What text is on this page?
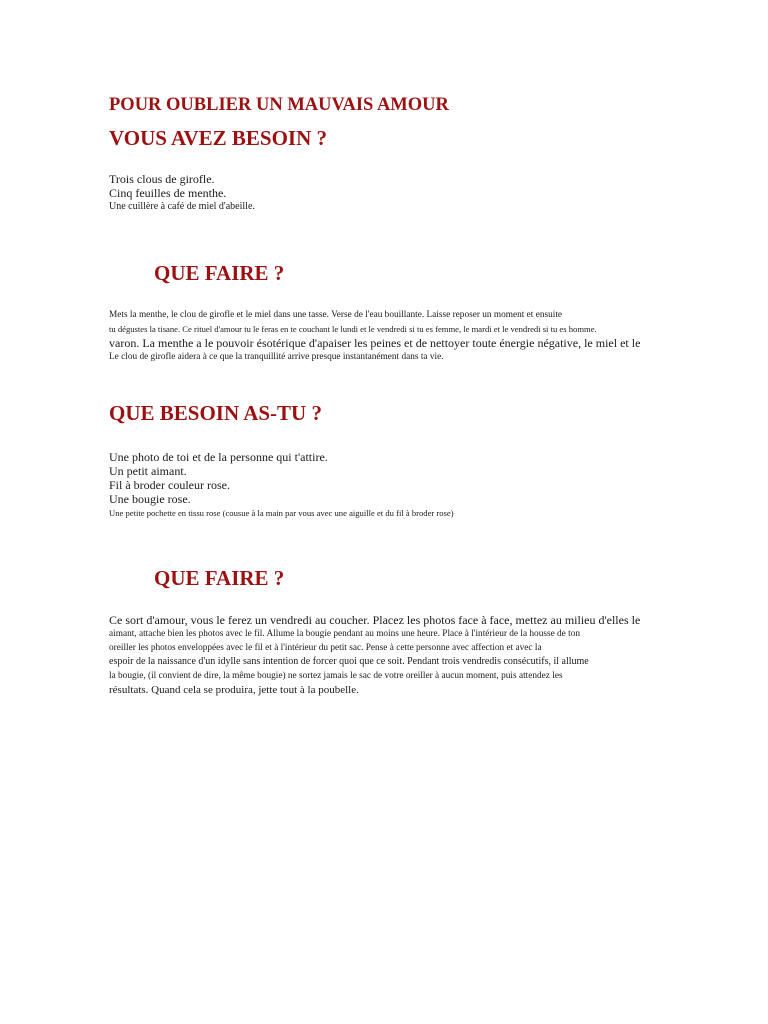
POUR OUBLIER UN MAUVAIS AMOUR
VOUS AVEZ BESOIN ?
Trois clous de girofle.
Cinq feuilles de menthe.
Une cuillère à café de miel d'abeille.
QUE FAIRE ?
Mets la menthe, le clou de girofle et le miel dans une tasse. Verse de l'eau bouillante. Laisse reposer un moment et ensuite
tu dégustes la tisane. Ce rituel d'amour tu le feras en te couchant le lundi et le vendredi si tu es femme, le mardi et le vendredi si tu es homme.
varon. La menthe a le pouvoir ésotérique d'apaiser les peines et de nettoyer toute énergie négative, le miel et le
Le clou de girofle aidera à ce que la tranquillité arrive presque instantanément dans ta vie.
QUE BESOIN AS-TU ?
Une photo de toi et de la personne qui t'attire.
Un petit aimant.
Fil à broder couleur rose.
Une bougie rose.
Une petite pochette en tissu rose (cousue à la main par vous avec une aiguille et du fil à broder rose)
QUE FAIRE ?
Ce sort d'amour, vous le ferez un vendredi au coucher. Placez les photos face à face, mettez au milieu d'elles le
aimant, attache bien les photos avec le fil. Allume la bougie pendant au moins une heure. Place à l'intérieur de la housse de ton
oreiller les photos enveloppées avec le fil et à l'intérieur du petit sac. Pense à cette personne avec affection et avec la
espoir de la naissance d'un idylle sans intention de forcer quoi que ce soit. Pendant trois vendredis consécutifs, il allume
la bougie, (il convient de dire, la même bougie) ne sortez jamais le sac de votre oreiller à aucun moment, puis attendez les
résultats. Quand cela se produira, jette tout à la poubelle.
